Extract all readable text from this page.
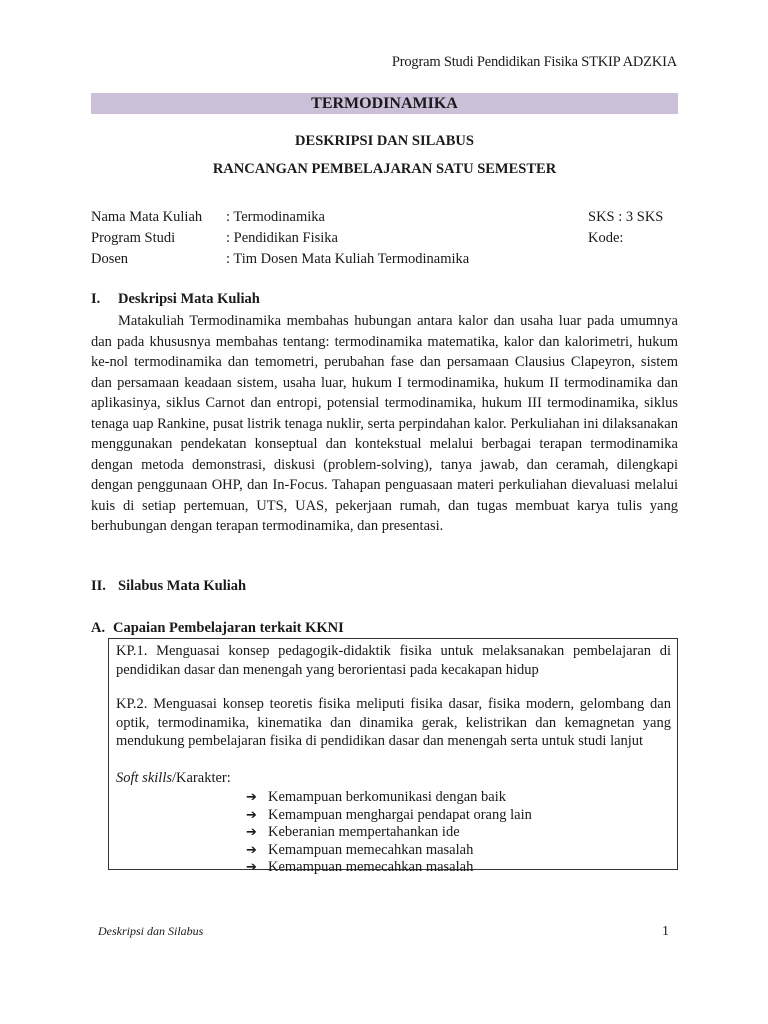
Program Studi Pendidikan Fisika STKIP ADZKIA
TERMODINAMIKA
DESKRIPSI DAN SILABUS
RANCANGAN PEMBELAJARAN SATU SEMESTER
Nama Mata Kuliah : Termodinamika	SKS : 3 SKS
Program Studi	: Pendidikan Fisika	Kode:
Dosen	: Tim Dosen Mata Kuliah Termodinamika
I. Deskripsi Mata Kuliah
Matakuliah Termodinamika membahas hubungan antara kalor dan usaha luar pada umumnya dan pada khususnya membahas tentang: termodinamika matematika, kalor dan kalorimetri, hukum ke-nol termodinamika dan temometri, perubahan fase dan persamaan Clausius Clapeyron, sistem dan persamaan keadaan sistem, usaha luar, hukum I termodinamika, hukum II termodinamika dan aplikasinya, siklus Carnot dan entropi, potensial termodinamika, hukum III termodinamika, siklus tenaga uap Rankine, pusat listrik tenaga nuklir, serta perpindahan kalor. Perkuliahan ini dilaksanakan menggunakan pendekatan konseptual dan kontekstual melalui berbagai terapan termodinamika dengan metoda demonstrasi, diskusi (problem-solving), tanya jawab, dan ceramah, dilengkapi dengan penggunaan OHP, dan In-Focus. Tahapan penguasaan materi perkuliahan dievaluasi melalui kuis di setiap pertemuan, UTS, UAS, pekerjaan rumah, dan tugas membuat karya tulis yang berhubungan dengan terapan termodinamika, dan presentasi.
II. Silabus Mata Kuliah
A. Capaian Pembelajaran terkait KKNI

KP.1. Menguasai konsep pedagogik-didaktik fisika untuk melaksanakan pembelajaran di pendidikan dasar dan menengah yang berorientasi pada kecakapan hidup

KP.2. Menguasai konsep teoretis fisika meliputi fisika dasar, fisika modern, gelombang dan optik, termodinamika, kinematika dan dinamika gerak, kelistrikan dan kemagnetan yang mendukung pembelajaran fisika di pendidikan dasar dan menengah serta untuk studi lanjut

Soft skills/Karakter:
➔ Kemampuan berkomunikasi dengan baik
➔ Kemampuan menghargai pendapat orang lain
➔ Keberanian mempertahankan ide
➔ Kemampuan memecahkan masalah
➔ Kemampuan memecahkan masalah
Deskripsi dan Silabus	1
